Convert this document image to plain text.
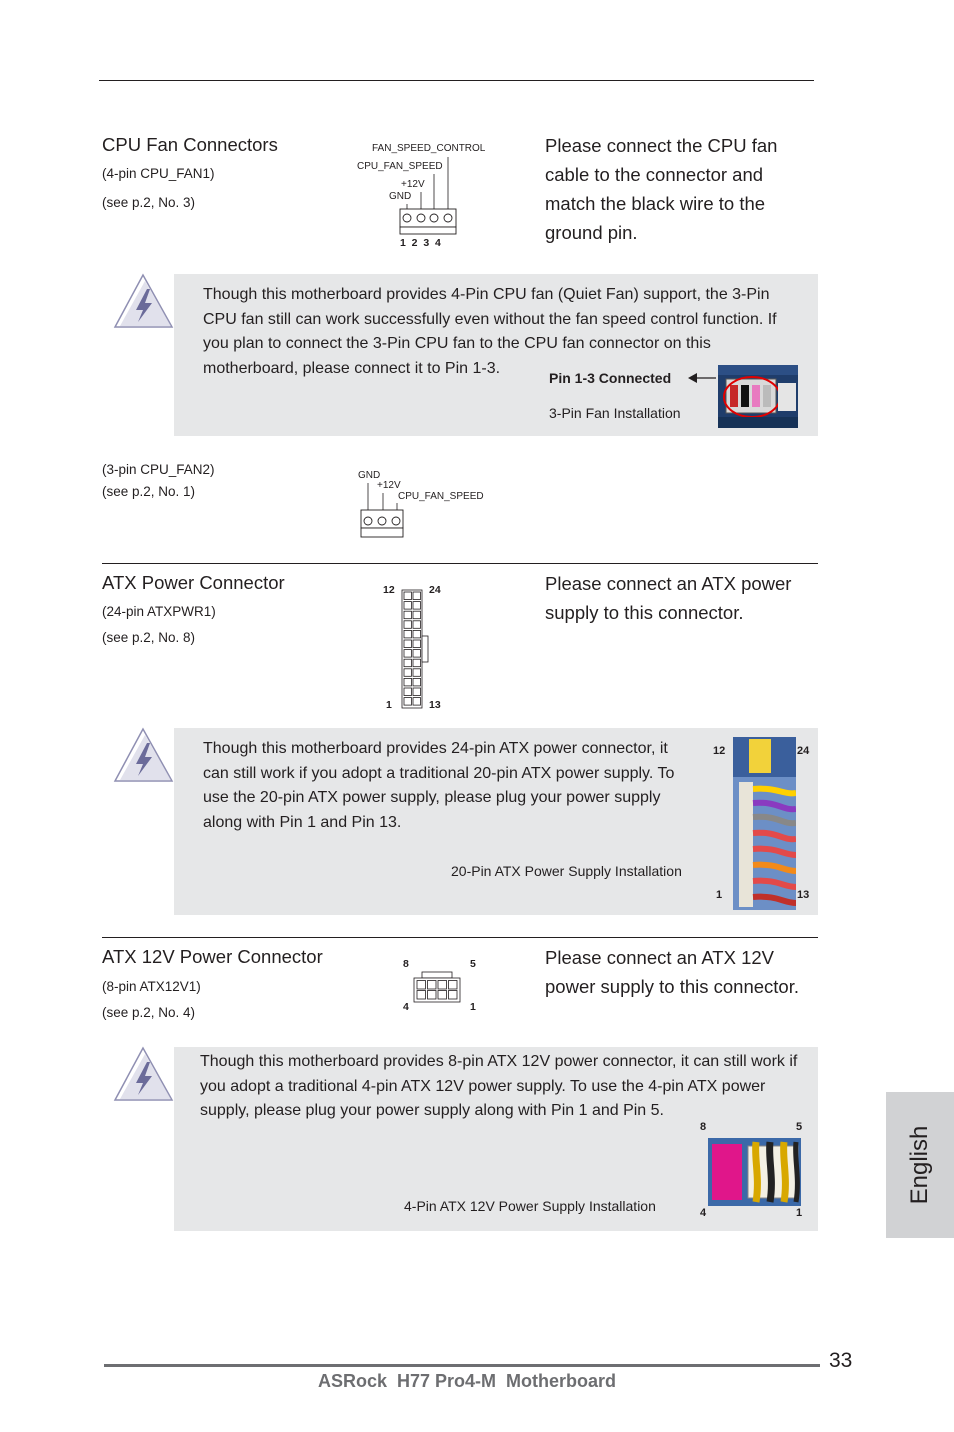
CPU Fan Connectors
(4-pin CPU_FAN1)
(see p.2, No. 3)
FAN_SPEED_CONTROL
CPU_FAN_SPEED
+12V
GND
1  2  3  4
Please connect the CPU fan cable to the connector and match the black wire to the ground pin.
Though this motherboard provides 4-Pin CPU fan (Quiet Fan) support, the 3-Pin CPU fan still can work successfully even without the fan speed control function. If you plan to connect the 3-Pin CPU fan to the CPU fan connector on this motherboard, please connect it to Pin 1-3.
Pin 1-3 Connected
3-Pin Fan Installation
(3-pin CPU_FAN2)
(see p.2, No. 1)
GND
+12V
CPU_FAN_SPEED
ATX Power Connector
(24-pin ATXPWR1)
(see p.2, No. 8)
12	24
1	13
Please connect an ATX power supply to this connector.
Though this motherboard provides 24-pin ATX power connector, it can still work if you adopt a traditional 20-pin ATX power supply. To use the 20-pin ATX power supply, please plug your power supply along with Pin 1 and Pin 13.
20-Pin ATX Power Supply Installation
12	24
1	13
ATX 12V Power Connector
(8-pin ATX12V1)
(see p.2, No. 4)
8	5
4	1
Please connect an ATX 12V power supply to this connector.
Though this motherboard provides 8-pin ATX 12V power connector, it can still work if you adopt a traditional 4-pin ATX 12V power supply. To use the 4-pin ATX power supply, please plug your power supply along with Pin 1 and Pin 5.
4-Pin ATX 12V Power Supply Installation
8	5
4	1
English
33
ASRock  H77 Pro4-M  Motherboard
